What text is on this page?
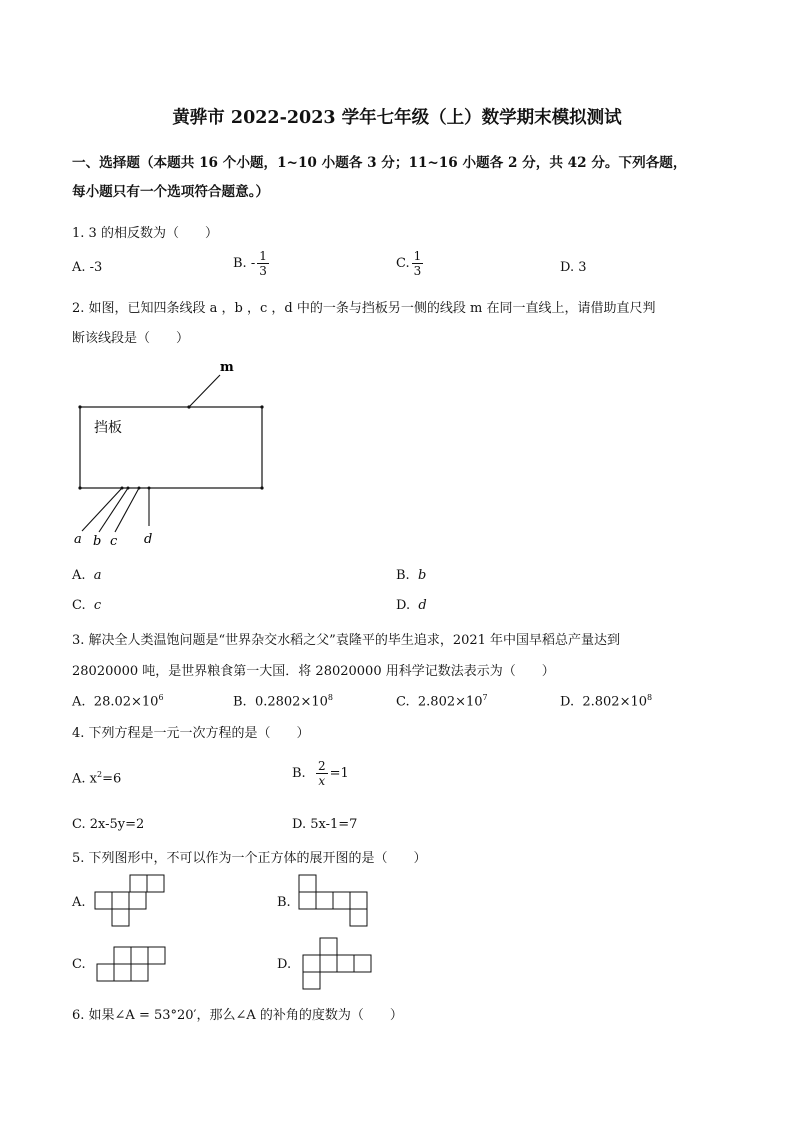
黄骅市 2022-2023 学年七年级（上）数学期末模拟测试
一、选择题（本题共 16 个小题，1~10 小题各 3 分；11~16 小题各 2 分，共 42 分。下列各题，
每小题只有一个选项符合题意。）
1. 3 的相反数为（　　）
A. -3	B. - $\frac{1}{3}$	C. $\frac{1}{3}$	D. 3
2. 如图，已知四条线段 a ，b ，c ，d 中的一条与挡板另一侧的线段 m 在同一直线上，请借助直尺判
断该线段是（　　）
m
挡板
a b c d
A. a	B. b
C. c	D. d
3. 解决全人类温饱问题是“世界杂交水稻之父”袁隆平的毕生追求，2021 年中国早稻总产量达到
28020000 吨，是世界粮食第一大国．将 28020000 用科学记数法表示为（　　）
A. $28.02\times 10^6$	B. $0.2802\times 10^8$	C. $2.802\times 10^7$	D. $2.802\times 10^8$
4. 下列方程是一元一次方程的是（　　）
A. $x^2=6$	B. $\frac{2}{x} =1$
C. 2x-5y=2	D. 5x-1=7
5. 下列图形中，不可以作为一个正方体的展开图的是（　　）
A.	B.
C.	D.
6. 如果∠A = 53°20′，那么∠A 的补角的度数为（　　）
